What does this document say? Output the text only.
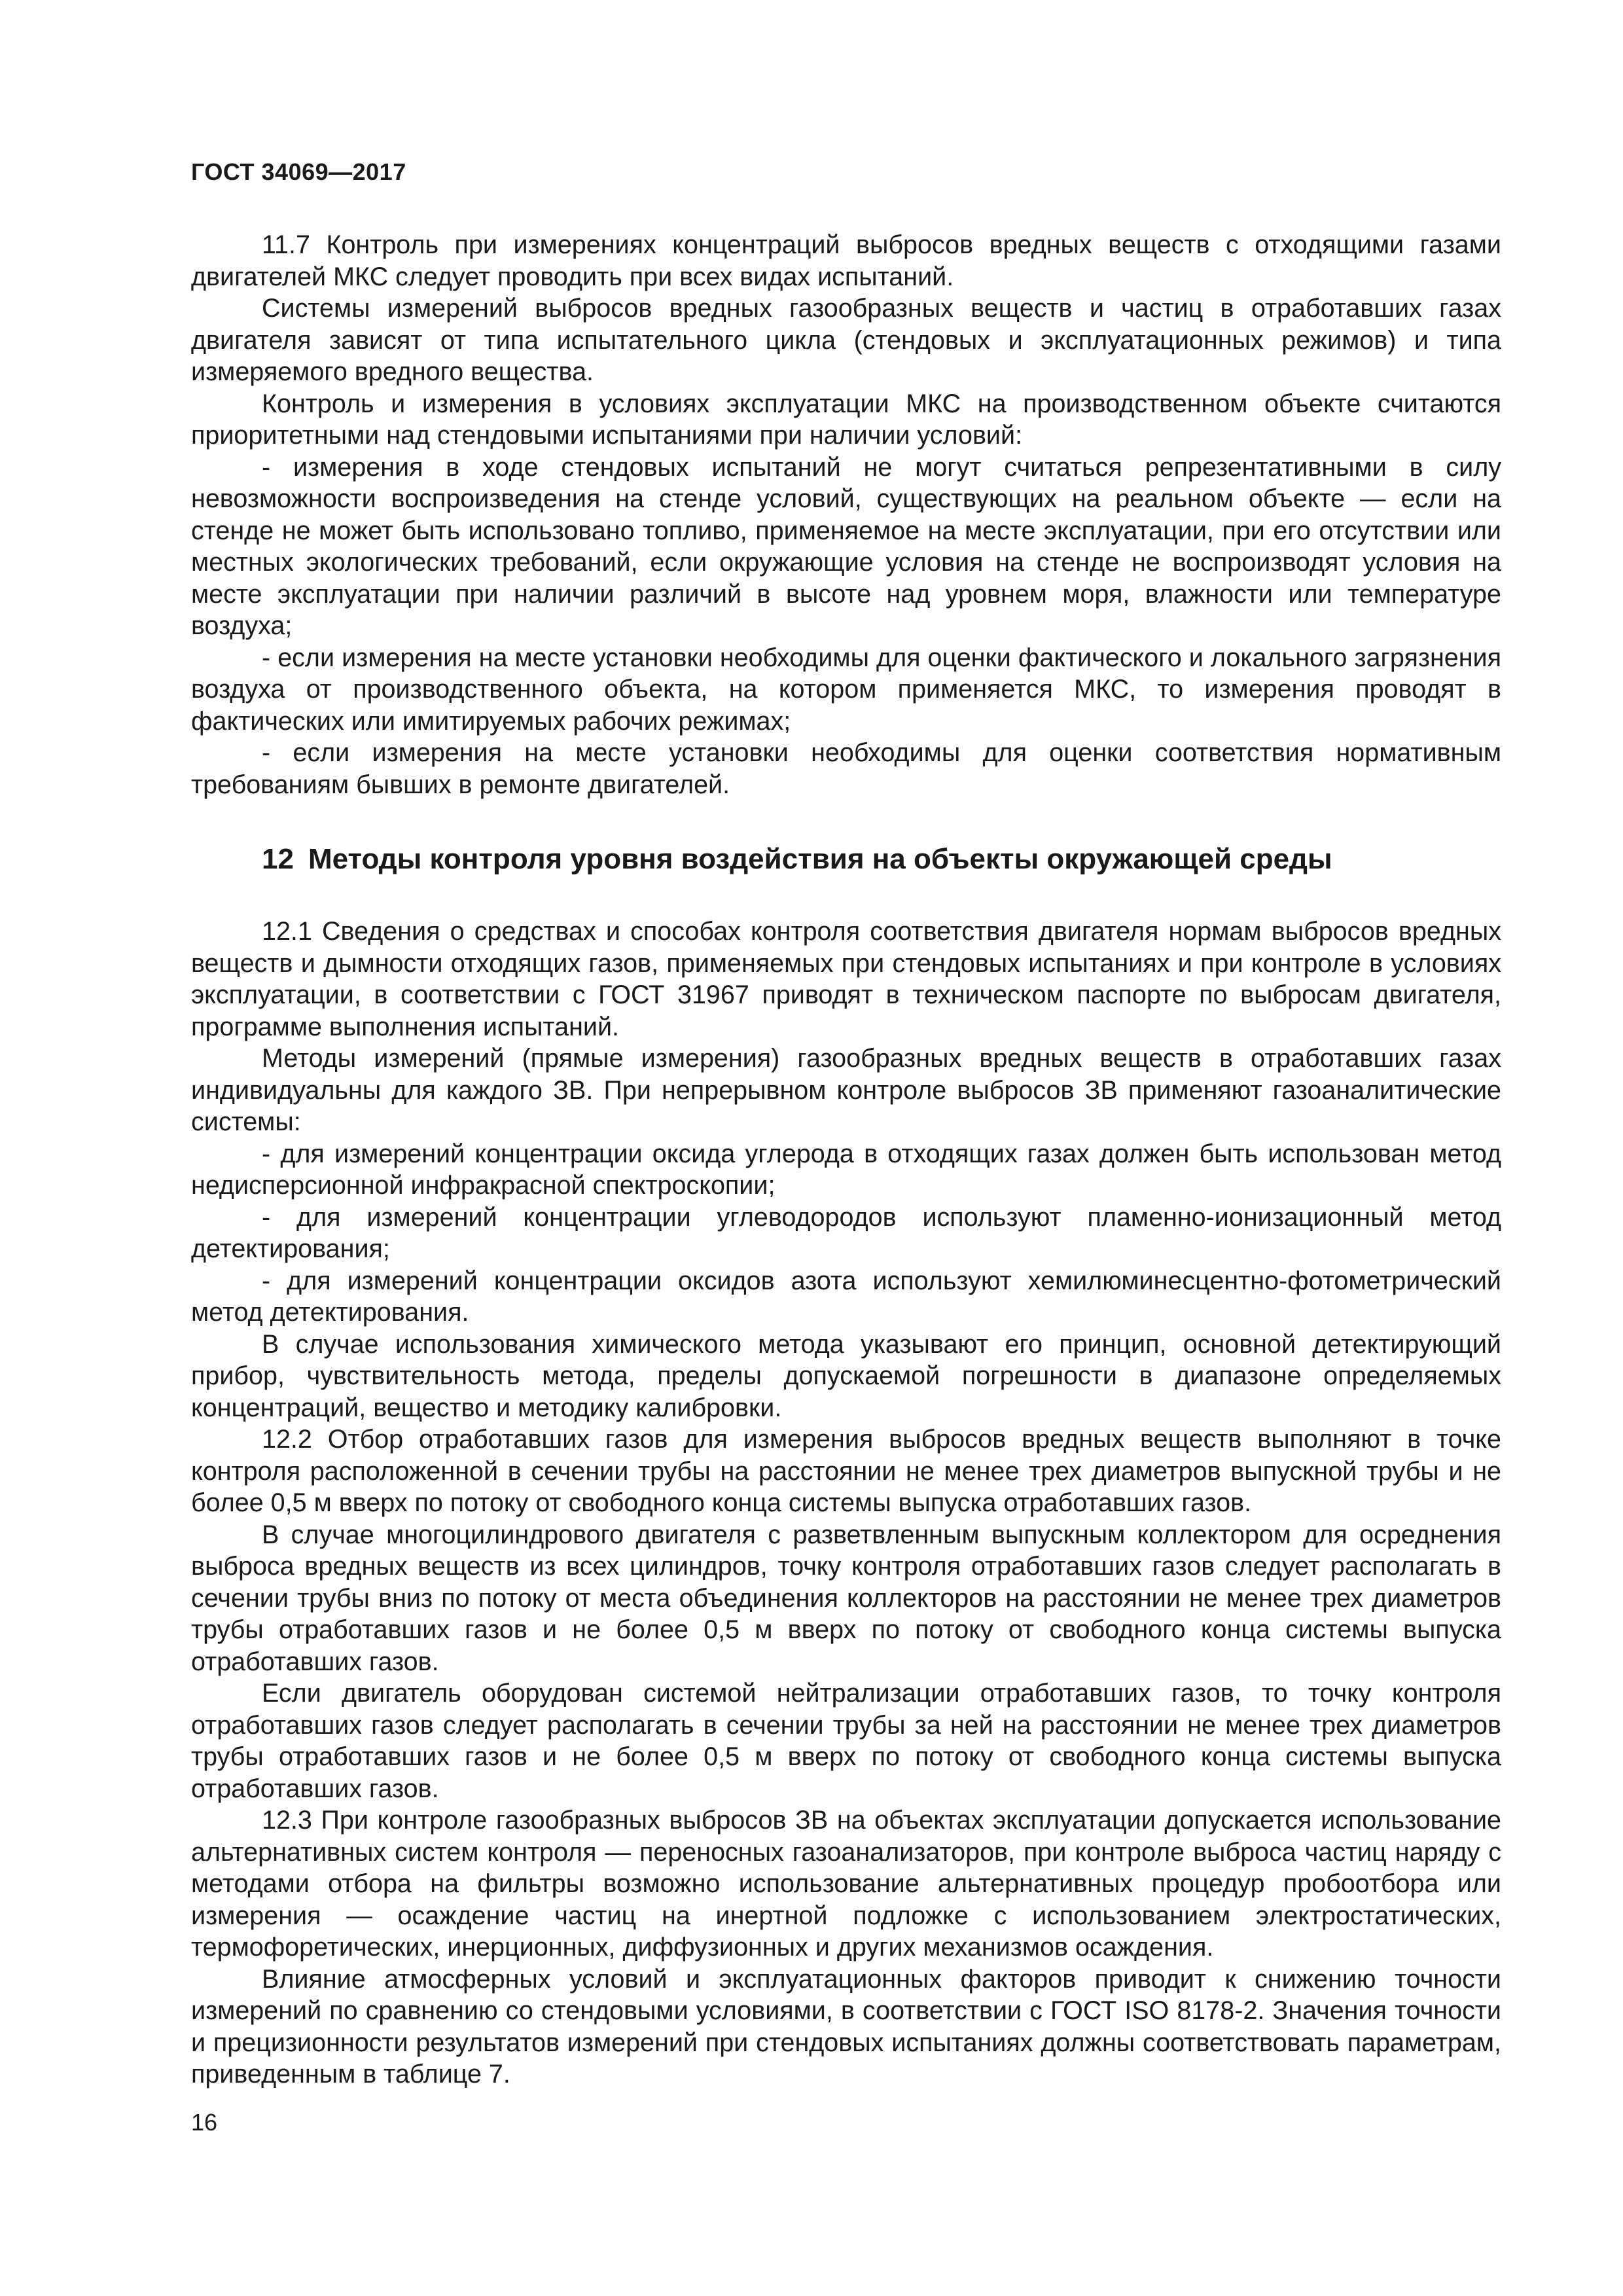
ГОСТ 34069—2017

11.7 Контроль при измерениях концентраций выбросов вредных веществ с отходящими газами двигателей МКС следует проводить при всех видах испытаний.

Системы измерений выбросов вредных газообразных веществ и частиц в отработавших газах двигателя зависят от типа испытательного цикла (стендовых и эксплуатационных режимов) и типа измеряемого вредного вещества.

Контроль и измерения в условиях эксплуатации МКС на производственном объекте считаются приоритетными над стендовыми испытаниями при наличии условий:

- измерения в ходе стендовых испытаний не могут считаться репрезентативными в силу невозможности воспроизведения на стенде условий, существующих на реальном объекте — если на стенде не может быть использовано топливо, применяемое на месте эксплуатации, при его отсутствии или местных экологических требований, если окружающие условия на стенде не воспроизводят условия на месте эксплуатации при наличии различий в высоте над уровнем моря, влажности или температуре воздуха;

- если измерения на месте установки необходимы для оценки фактического и локального загрязнения воздуха от производственного объекта, на котором применяется МКС, то измерения проводят в фактических или имитируемых рабочих режимах;

- если измерения на месте установки необходимы для оценки соответствия нормативным требованиям бывших в ремонте двигателей.

12 Методы контроля уровня воздействия на объекты окружающей среды

12.1 Сведения о средствах и способах контроля соответствия двигателя нормам выбросов вредных веществ и дымности отходящих газов, применяемых при стендовых испытаниях и при контроле в условиях эксплуатации, в соответствии с ГОСТ 31967 приводят в техническом паспорте по выбросам двигателя, программе выполнения испытаний.

Методы измерений (прямые измерения) газообразных вредных веществ в отработавших газах индивидуальны для каждого ЗВ. При непрерывном контроле выбросов ЗВ применяют газоаналитические системы:

- для измерений концентрации оксида углерода в отходящих газах должен быть использован метод недисперсионной инфракрасной спектроскопии;

- для измерений концентрации углеводородов используют пламенно-ионизационный метод детектирования;

- для измерений концентрации оксидов азота используют хемилюминесцентно-фотометрический метод детектирования.

В случае использования химического метода указывают его принцип, основной детектирующий прибор, чувствительность метода, пределы допускаемой погрешности в диапазоне определяемых концентраций, вещество и методику калибровки.

12.2 Отбор отработавших газов для измерения выбросов вредных веществ выполняют в точке контроля расположенной в сечении трубы на расстоянии не менее трех диаметров выпускной трубы и не более 0,5 м вверх по потоку от свободного конца системы выпуска отработавших газов.

В случае многоцилиндрового двигателя с разветвленным выпускным коллектором для осреднения выброса вредных веществ из всех цилиндров, точку контроля отработавших газов следует располагать в сечении трубы вниз по потоку от места объединения коллекторов на расстоянии не менее трех диаметров трубы отработавших газов и не более 0,5 м вверх по потоку от свободного конца системы выпуска отработавших газов.

Если двигатель оборудован системой нейтрализации отработавших газов, то точку контроля отработавших газов следует располагать в сечении трубы за ней на расстоянии не менее трех диаметров трубы отработавших газов и не более 0,5 м вверх по потоку от свободного конца системы выпуска отработавших газов.

12.3 При контроле газообразных выбросов ЗВ на объектах эксплуатации допускается использование альтернативных систем контроля — переносных газоанализаторов, при контроле выброса частиц наряду с методами отбора на фильтры возможно использование альтернативных процедур пробоотбора или измерения — осаждение частиц на инертной подложке с использованием электростатических, термофоретических, инерционных, диффузионных и других механизмов осаждения.

Влияние атмосферных условий и эксплуатационных факторов приводит к снижению точности измерений по сравнению со стендовыми условиями, в соответствии с ГОСТ ISO 8178-2. Значения точности и прецизионности результатов измерений при стендовых испытаниях должны соответствовать параметрам, приведенным в таблице 7.

16
